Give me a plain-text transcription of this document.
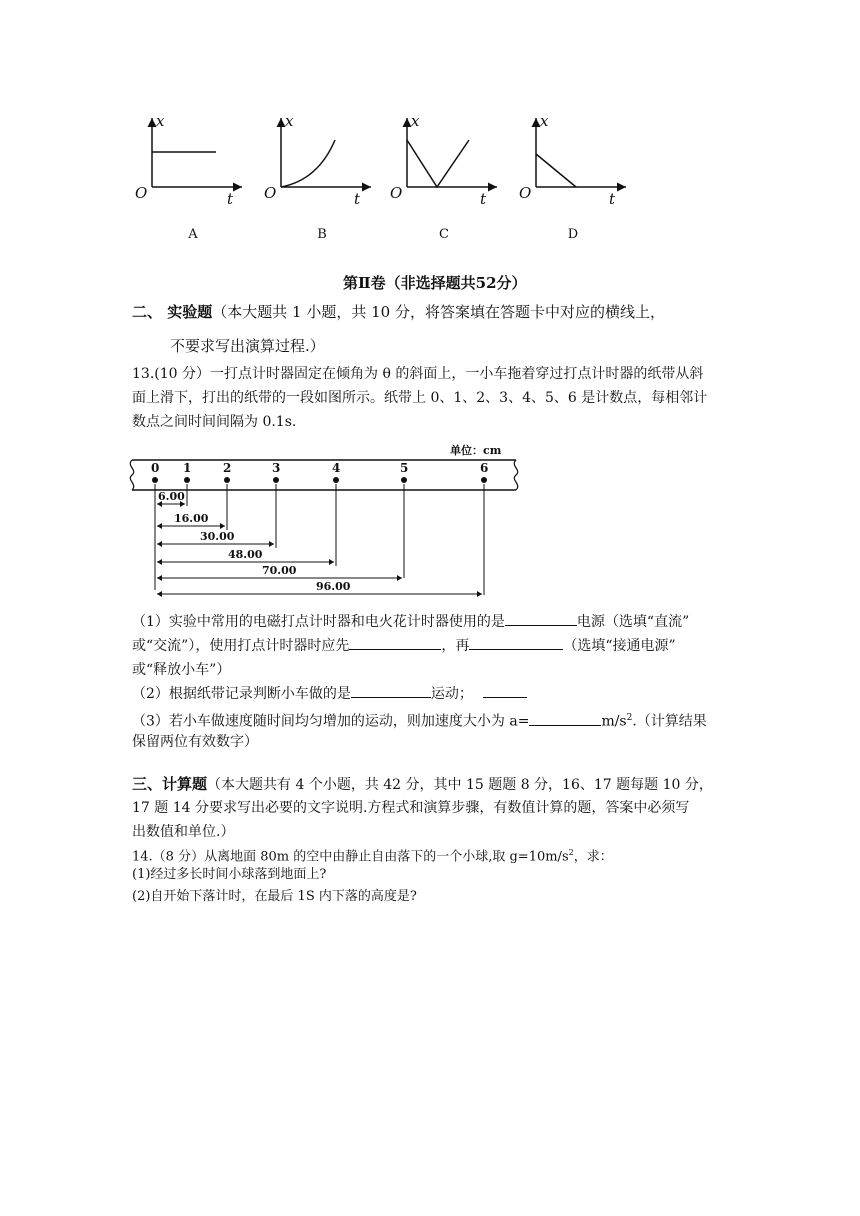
x
t
O
x
t
O
x
t
O
x
t
O
A	B	C	D
第Ⅱ卷（非选择题共52分）
二、 实验题（本大题共 1 小题，共 10 分，将答案填在答题卡中对应的横线上，
不要求写出演算过程.）
13.(10 分）一打点计时器固定在倾角为 θ 的斜面上，一小车拖着穿过打点计时器的纸带从斜
面上滑下，打出的纸带的一段如图所示。纸带上 0、1、2、3、4、5、6 是计数点，每相邻计
数点之间时间间隔为 0.1s.
单位：cm
0 1	2	3	4	5	6
6.00
16.00
30.00
48.00
70.00
96.00
（1）实验中常用的电磁打点计时器和电火花计时器使用的是	电源（选填“直流”
或“交流”），使用打点计时器时应先	，再	（选填“接通电源”
或“释放小车”）
（2）根据纸带记录判断小车做的是	运动；
（3）若小车做速度随时间均匀增加的运动，则加速度大小为 a=	$m/s^2$.（计算结果
保留两位有效数字）
三、计算题（本大题共有 4 个小题，共 42 分，其中 15 题题 8 分，16、17 题每题 10 分，
17 题 14 分要求写出必要的文字说明.方程式和演算步骤，有数值计算的题，答案中必须写
出数值和单位.）
14.（8 分）从离地面 80m 的空中由静止自由落下的一个小球,取 $g=10m/s^2$，求：
(1)经过多长时间小球落到地面上?
(2)自开始下落计时，在最后 1S 内下落的高度是?
